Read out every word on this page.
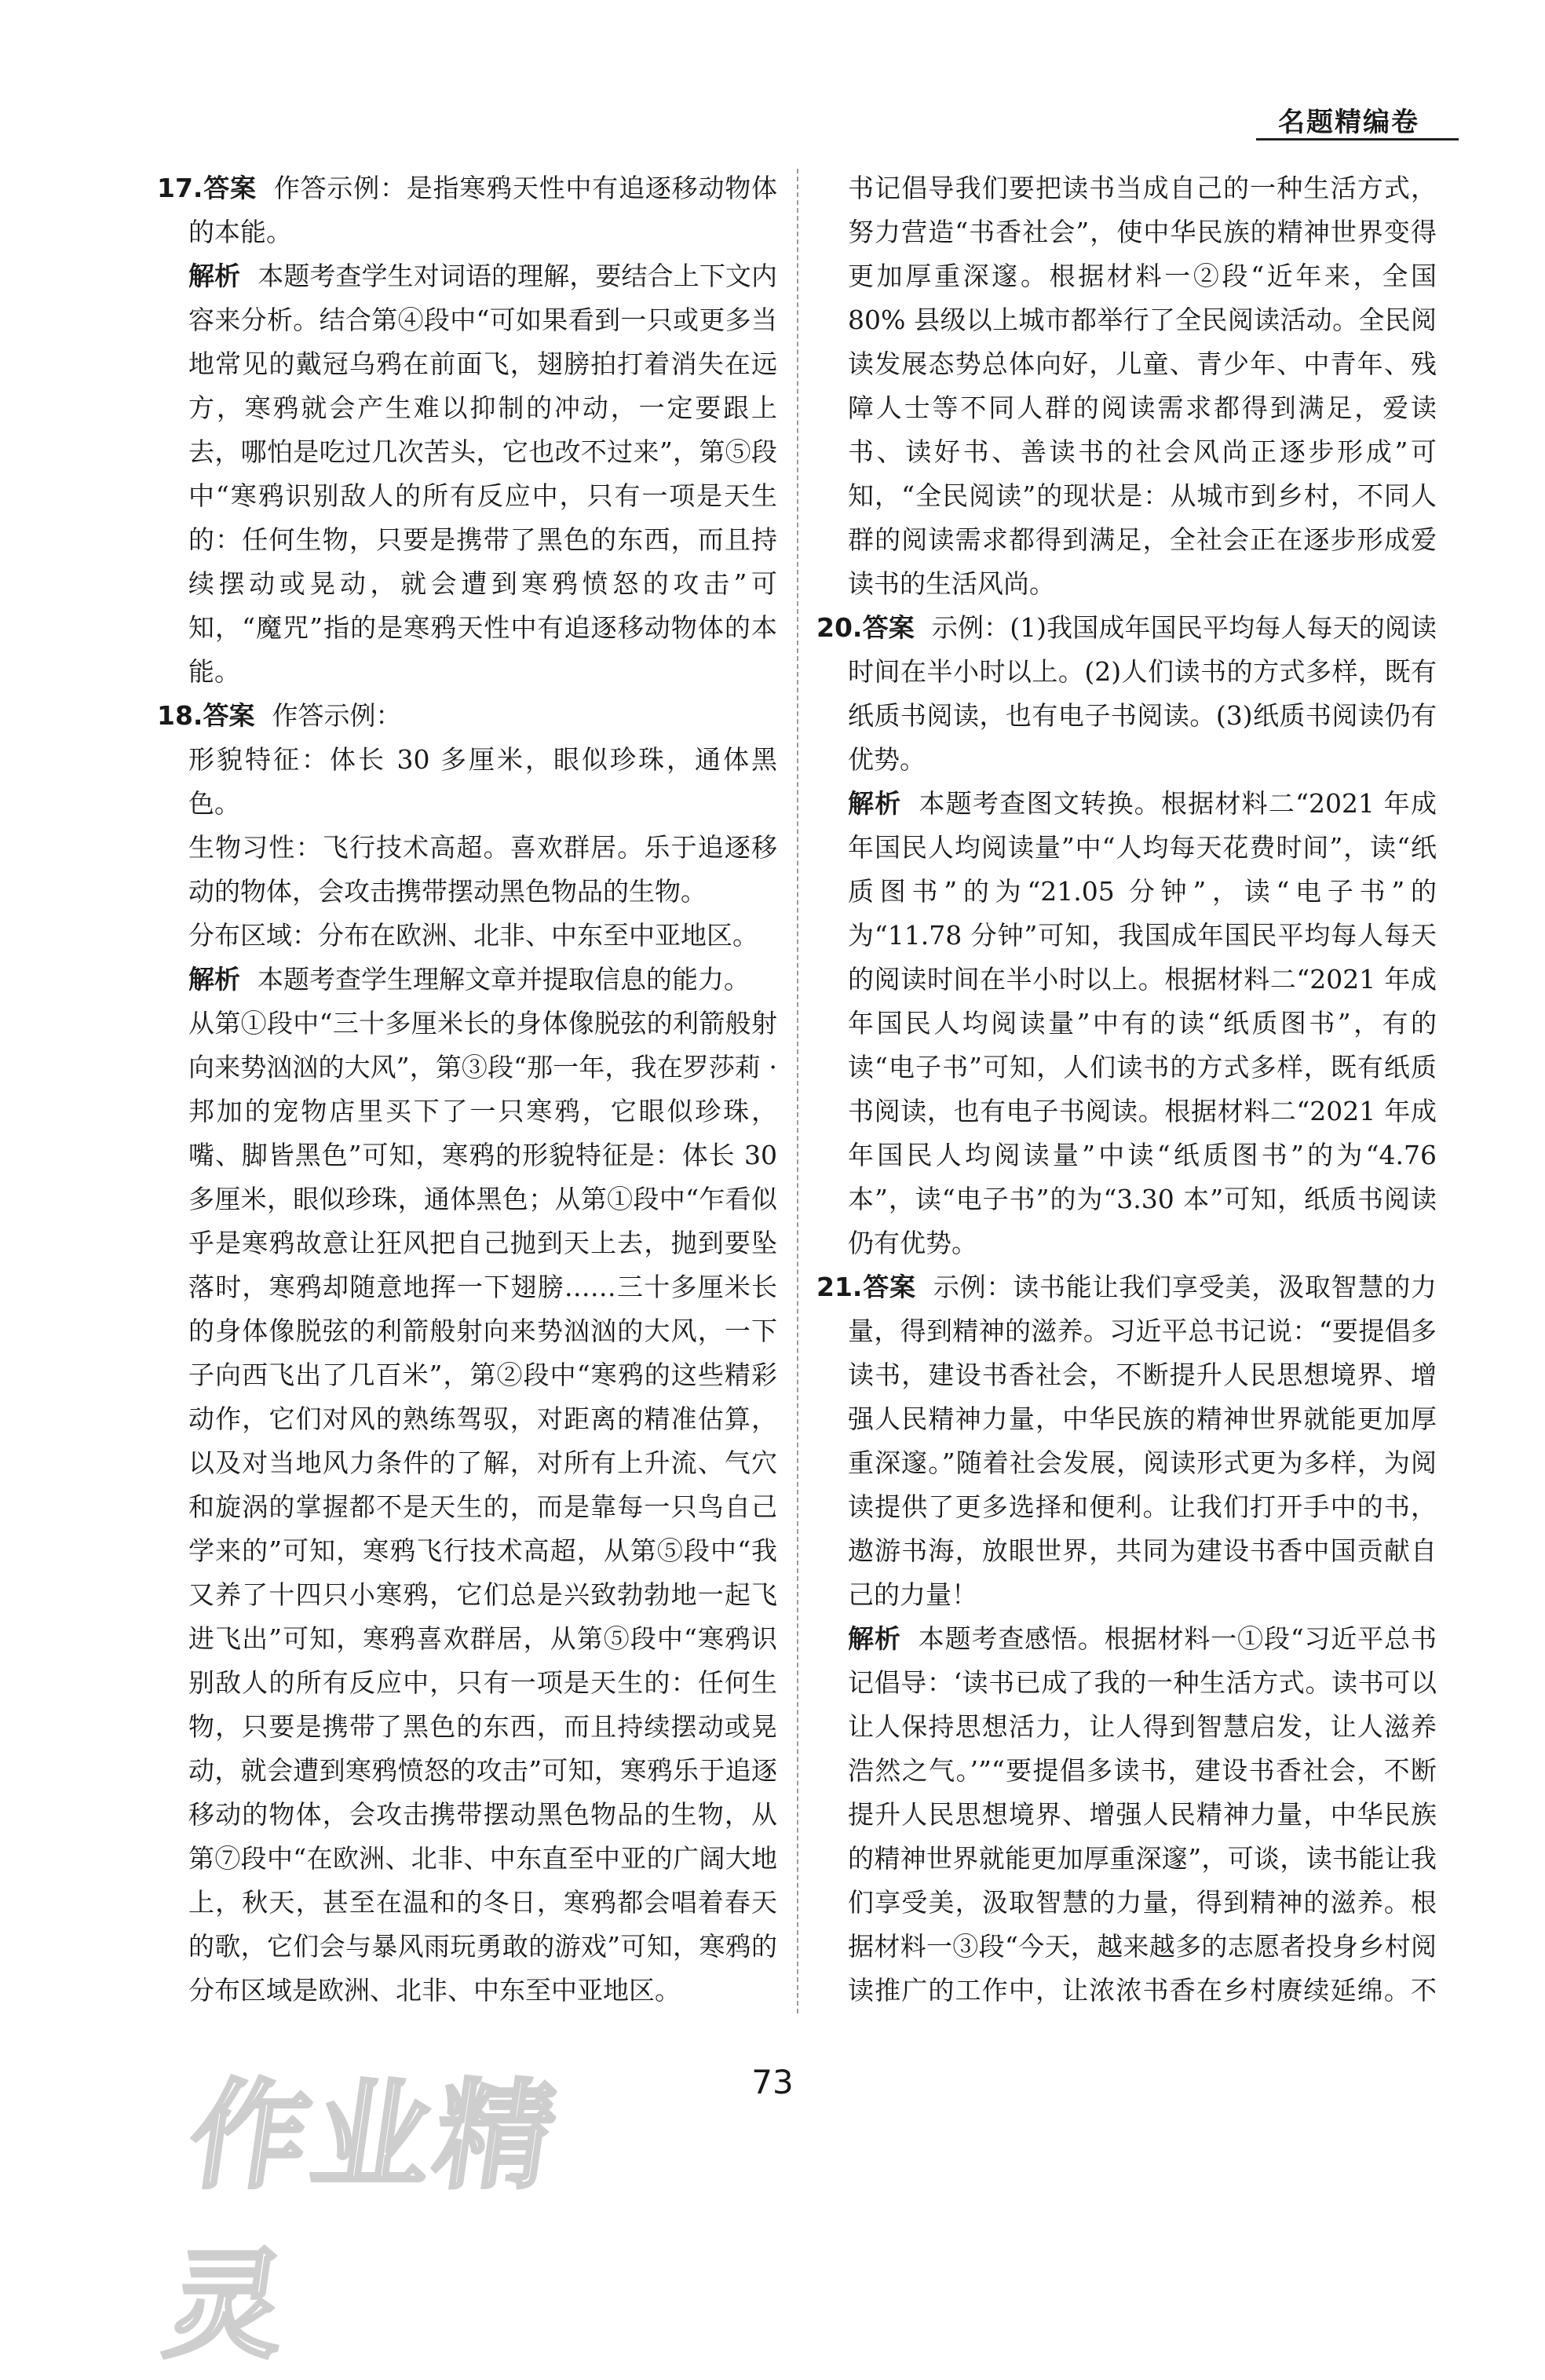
名题精编卷

17.答案 作答示例：是指寒鸦天性中有追逐移动物体的本能。

解析 本题考查学生对词语的理解，要结合上下文内容来分析。结合第④段中“可如果看到一只或更多当地常见的戴冠乌鸦在前面飞，翅膀拍打着消失在远方，寒鸦就会产生难以抑制的冲动，一定要跟上去，哪怕是吃过几次苦头，它也改不过来”，第⑤段中“寒鸦识别敌人的所有反应中，只有一项是天生的：任何生物，只要是携带了黑色的东西，而且持续摆动或晃动，就会遭到寒鸦愤怒的攻击”可知，“魔咒”指的是寒鸦天性中有追逐移动物体的本能。

18.答案 作答示例：

形貌特征：体长 30 多厘米，眼似珍珠，通体黑色。

生物习性：飞行技术高超。喜欢群居。乐于追逐移动的物体，会攻击携带摆动黑色物品的生物。

分布区域：分布在欧洲、北非、中东至中亚地区。

解析 本题考查学生理解文章并提取信息的能力。

从第①段中“三十多厘米长的身体像脱弦的利箭般射向来势汹汹的大风”，第③段“那一年，我在罗莎莉 · 邦加的宠物店里买下了一只寒鸦，它眼似珍珠，嘴、脚皆黑色”可知，寒鸦的形貌特征是：体长 30 多厘米，眼似珍珠，通体黑色；从第①段中“乍看似乎是寒鸦故意让狂风把自己抛到天上去，抛到要坠落时，寒鸦却随意地挥一下翅膀……三十多厘米长的身体像脱弦的利箭般射向来势汹汹的大风，一下子向西飞出了几百米”，第②段中“寒鸦的这些精彩动作，它们对风的熟练驾驭，对距离的精准估算，以及对当地风力条件的了解，对所有上升流、气穴和旋涡的掌握都不是天生的，而是靠每一只鸟自己学来的”可知，寒鸦飞行技术高超，从第⑤段中“我又养了十四只小寒鸦，它们总是兴致勃勃地一起飞进飞出”可知，寒鸦喜欢群居，从第⑤段中“寒鸦识别敌人的所有反应中，只有一项是天生的：任何生物，只要是携带了黑色的东西，而且持续摆动或晃动，就会遭到寒鸦愤怒的攻击”可知，寒鸦乐于追逐移动的物体，会攻击携带摆动黑色物品的生物，从第⑦段中“在欧洲、北非、中东直至中亚的广阔大地上，秋天，甚至在温和的冬日，寒鸦都会唱着春天的歌，它们会与暴风雨玩勇敢的游戏”可知，寒鸦的分布区域是欧洲、北非、中东至中亚地区。

书记倡导我们要把读书当成自己的一种生活方式，努力营造“书香社会”，使中华民族的精神世界变得更加厚重深邃。根据材料一②段“近年来，全国 80% 县级以上城市都举行了全民阅读活动。全民阅读发展态势总体向好，儿童、青少年、中青年、残障人士等不同人群的阅读需求都得到满足，爱读书、读好书、善读书的社会风尚正逐步形成”可知，“全民阅读”的现状是：从城市到乡村，不同人群的阅读需求都得到满足，全社会正在逐步形成爱读书的生活风尚。

20.答案 示例：(1)我国成年国民平均每人每天的阅读时间在半小时以上。(2)人们读书的方式多样，既有纸质书阅读，也有电子书阅读。(3)纸质书阅读仍有优势。

解析 本题考查图文转换。根据材料二“2021 年成年国民人均阅读量”中“人均每天花费时间”，读“纸质图书”的为“21.05 分钟”，读“电子书”的为“11.78 分钟”可知，我国成年国民平均每人每天的阅读时间在半小时以上。根据材料二“2021 年成年国民人均阅读量”中有的读“纸质图书”，有的读“电子书”可知，人们读书的方式多样，既有纸质书阅读，也有电子书阅读。根据材料二“2021 年成年国民人均阅读量”中读“纸质图书”的为“4.76 本”，读“电子书”的为“3.30 本”可知，纸质书阅读仍有优势。

21.答案 示例：读书能让我们享受美，汲取智慧的力量，得到精神的滋养。习近平总书记说：“要提倡多读书，建设书香社会，不断提升人民思想境界、增强人民精神力量，中华民族的精神世界就能更加厚重深邃。”随着社会发展，阅读形式更为多样，为阅读提供了更多选择和便利。让我们打开手中的书，遨游书海，放眼世界，共同为建设书香中国贡献自己的力量！

解析 本题考查感悟。根据材料一①段“习近平总书记倡导：‘读书已成了我的一种生活方式。读书可以让人保持思想活力，让人得到智慧启发，让人滋养浩然之气。’”“要提倡多读书，建设书香社会，不断提升人民思想境界、增强人民精神力量，中华民族的精神世界就能更加厚重深邃”，可谈，读书能让我们享受美，汲取智慧的力量，得到精神的滋养。根据材料一③段“今天，越来越多的志愿者投身乡村阅读推广的工作中，让浓浓书香在乡村赓续延绵。不

73
作业精灵
